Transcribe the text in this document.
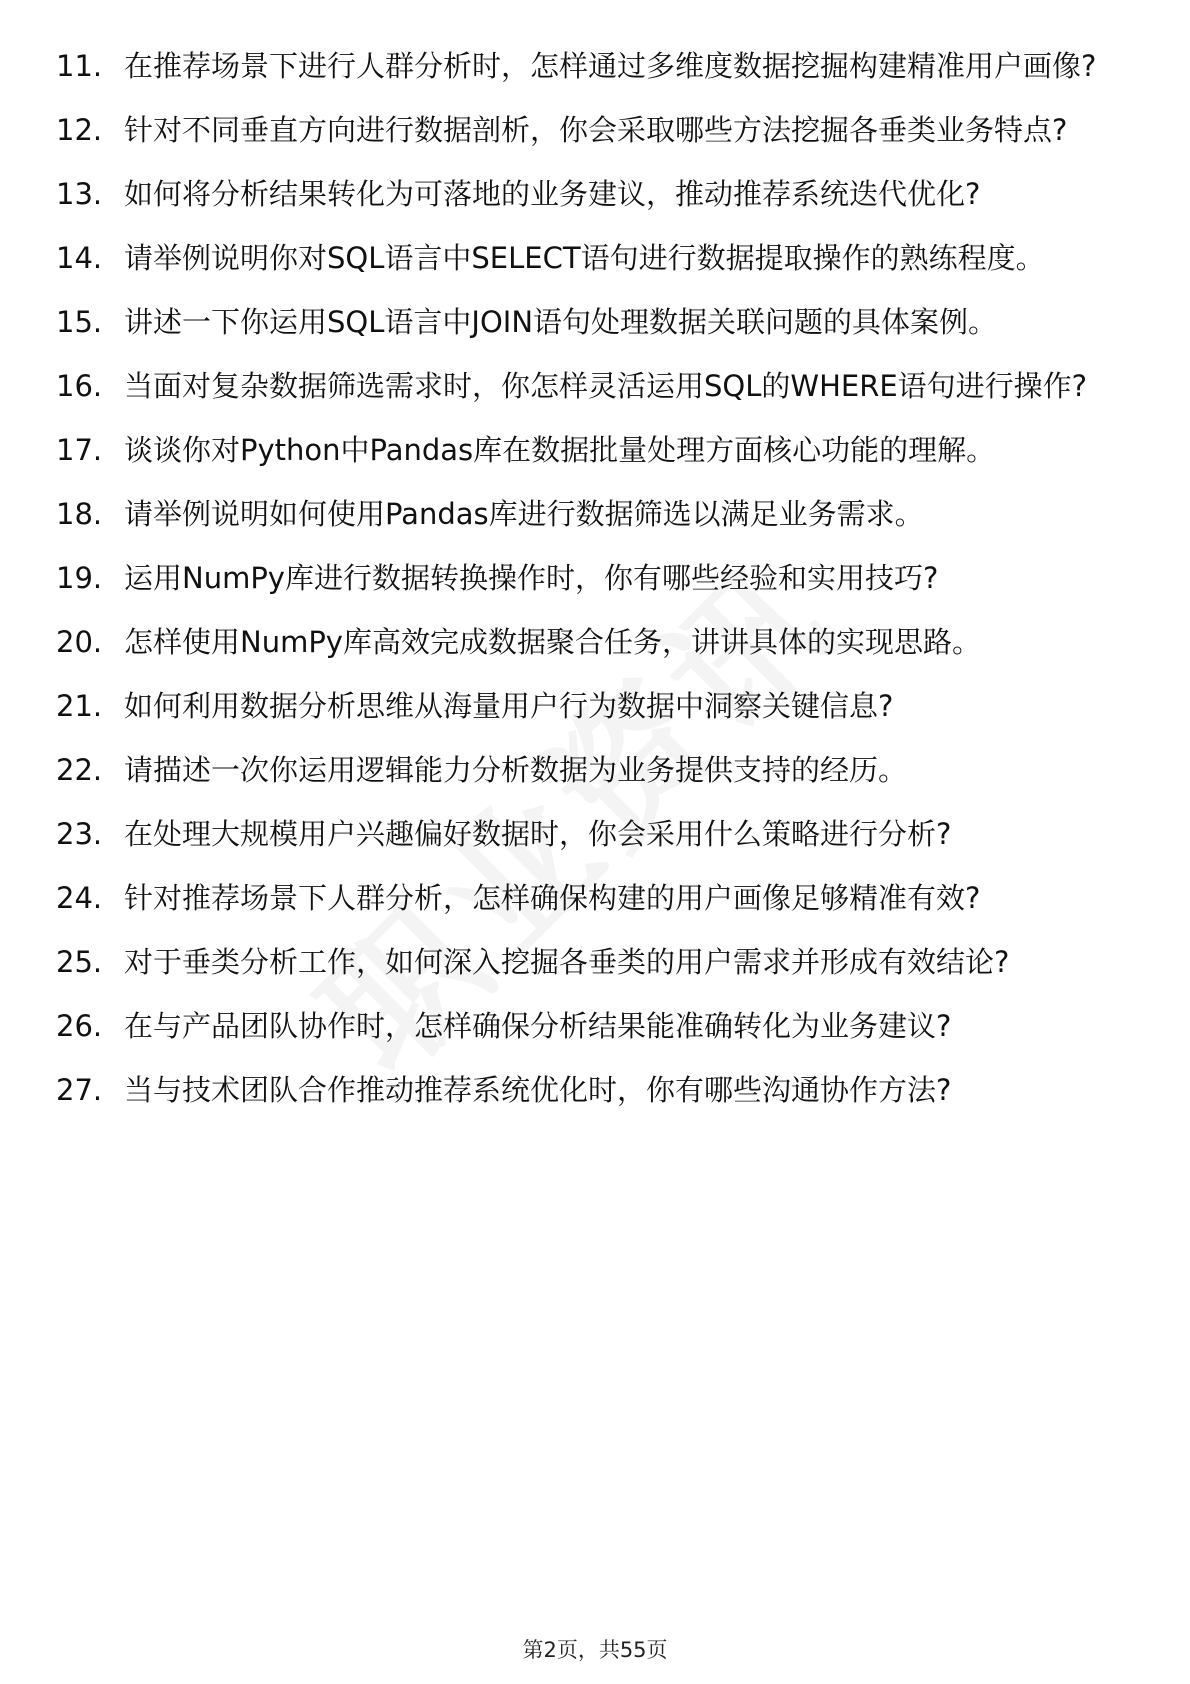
11. 在推荐场景下进行人群分析时，怎样通过多维度数据挖掘构建精准用户画像?
12. 针对不同垂直方向进行数据剖析，你会采取哪些方法挖掘各垂类业务特点?
13. 如何将分析结果转化为可落地的业务建议，推动推荐系统迭代优化?
14. 请举例说明你对SQL语言中SELECT语句进行数据提取操作的熟练程度。
15. 讲述一下你运用SQL语言中JOIN语句处理数据关联问题的具体案例。
16. 当面对复杂数据筛选需求时，你怎样灵活运用SQL的WHERE语句进行操作?
17. 谈谈你对Python中Pandas库在数据批量处理方面核心功能的理解。
18. 请举例说明如何使用Pandas库进行数据筛选以满足业务需求。
19. 运用NumPy库进行数据转换操作时，你有哪些经验和实用技巧?
20. 怎样使用NumPy库高效完成数据聚合任务，讲讲具体的实现思路。
21. 如何利用数据分析思维从海量用户行为数据中洞察关键信息?
22. 请描述一次你运用逻辑能力分析数据为业务提供支持的经历。
23. 在处理大规模用户兴趣偏好数据时，你会采用什么策略进行分析?
24. 针对推荐场景下人群分析，怎样确保构建的用户画像足够精准有效?
25. 对于垂类分析工作，如何深入挖掘各垂类的用户需求并形成有效结论?
26. 在与产品团队协作时，怎样确保分析结果能准确转化为业务建议?
27. 当与技术团队合作推动推荐系统优化时，你有哪些沟通协作方法?
第2页，共55页
